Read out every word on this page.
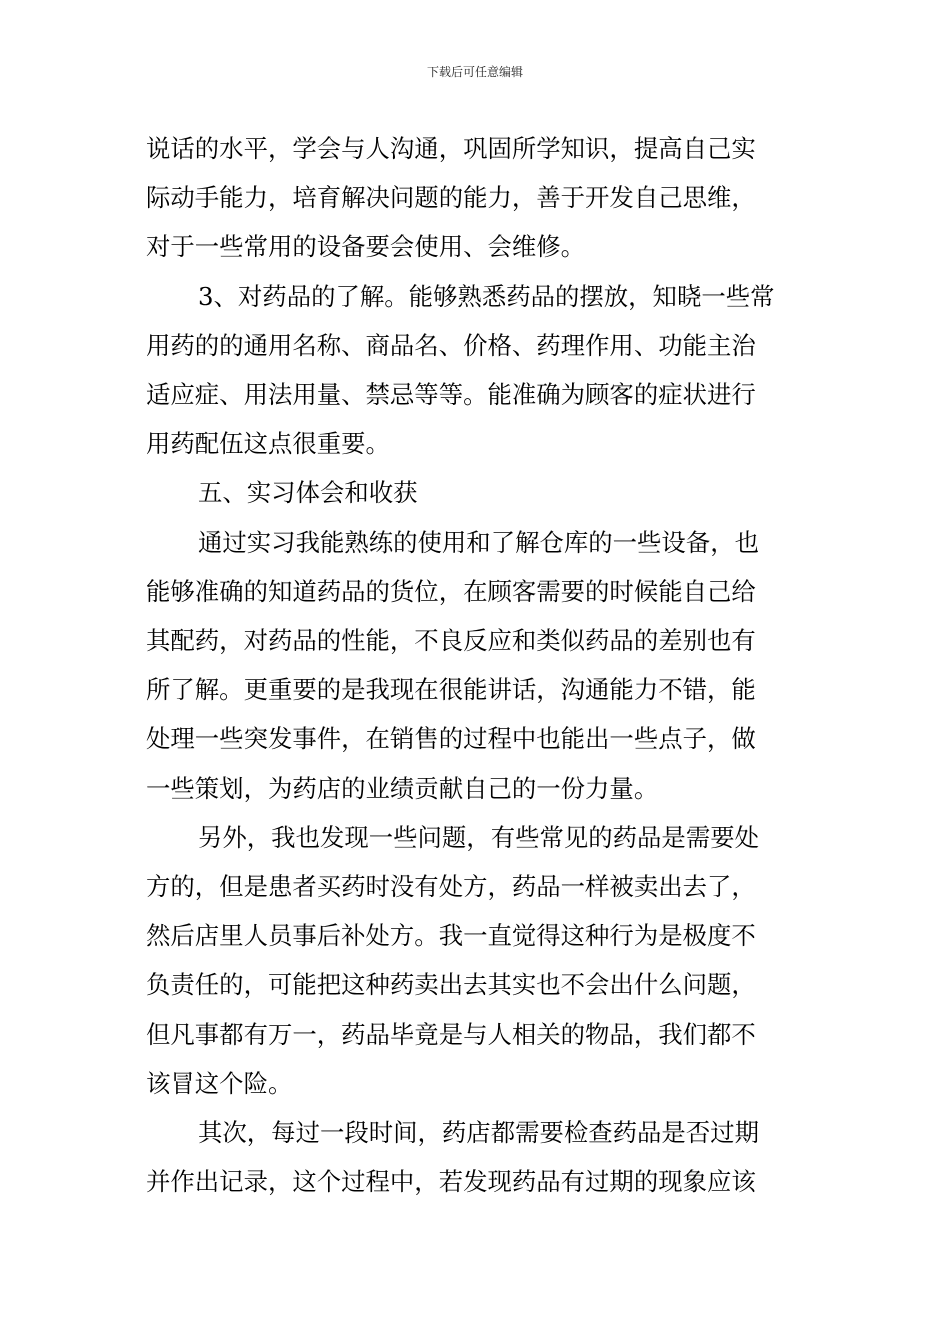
下载后可任意编辑

说话的水平，学会与人沟通，巩固所学知识，提高自己实
际动手能力，培育解决问题的能力，善于开发自己思维，
对于一些常用的设备要会使用、会维修。

3、对药品的了解。能够熟悉药品的摆放，知晓一些常
用药的的通用名称、商品名、价格、药理作用、功能主治
适应症、用法用量、禁忌等等。能准确为顾客的症状进行
用药配伍这点很重要。

五、实习体会和收获

通过实习我能熟练的使用和了解仓库的一些设备，也
能够准确的知道药品的货位，在顾客需要的时候能自己给
其配药，对药品的性能，不良反应和类似药品的差别也有
所了解。更重要的是我现在很能讲话，沟通能力不错，能
处理一些突发事件，在销售的过程中也能出一些点子，做
一些策划，为药店的业绩贡献自己的一份力量。

另外，我也发现一些问题，有些常见的药品是需要处
方的，但是患者买药时没有处方，药品一样被卖出去了，
然后店里人员事后补处方。我一直觉得这种行为是极度不
负责任的，可能把这种药卖出去其实也不会出什么问题，
但凡事都有万一，药品毕竟是与人相关的物品，我们都不
该冒这个险。

其次，每过一段时间，药店都需要检查药品是否过期
并作出记录，这个过程中，若发现药品有过期的现象应该
